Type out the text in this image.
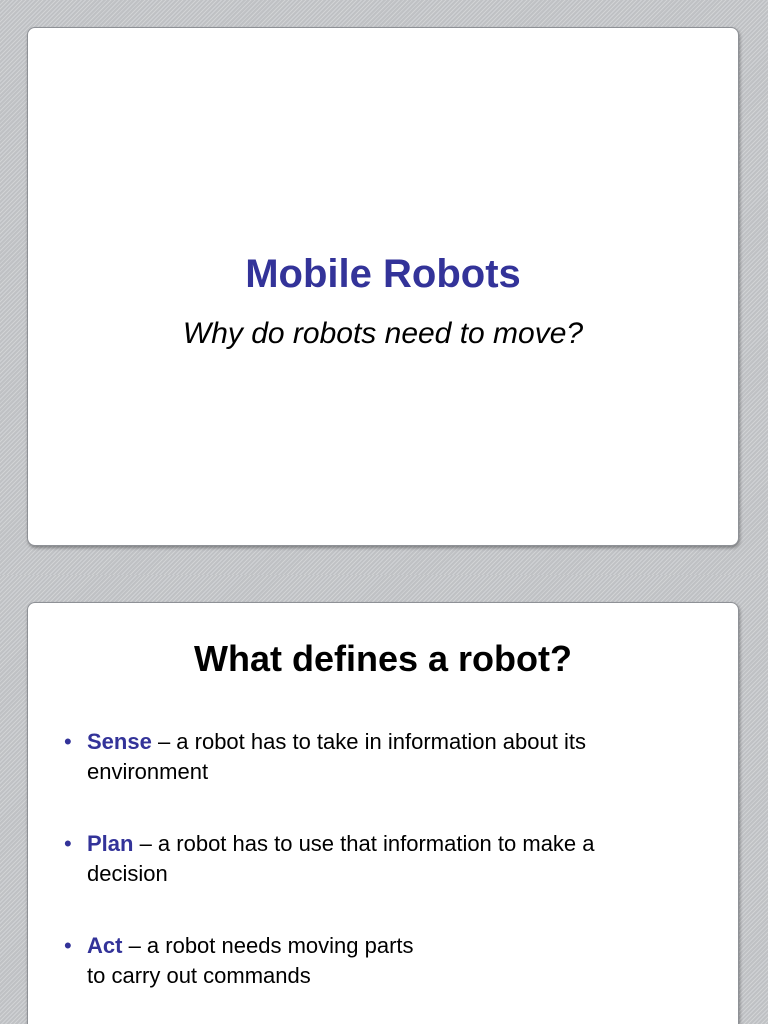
Mobile Robots

Why do robots need to move?

What defines a robot?
• Sense – a robot has to take in information about its
environment
• Plan – a robot has to use that information to make a
decision
• Act – a robot needs moving parts
to carry out commands
